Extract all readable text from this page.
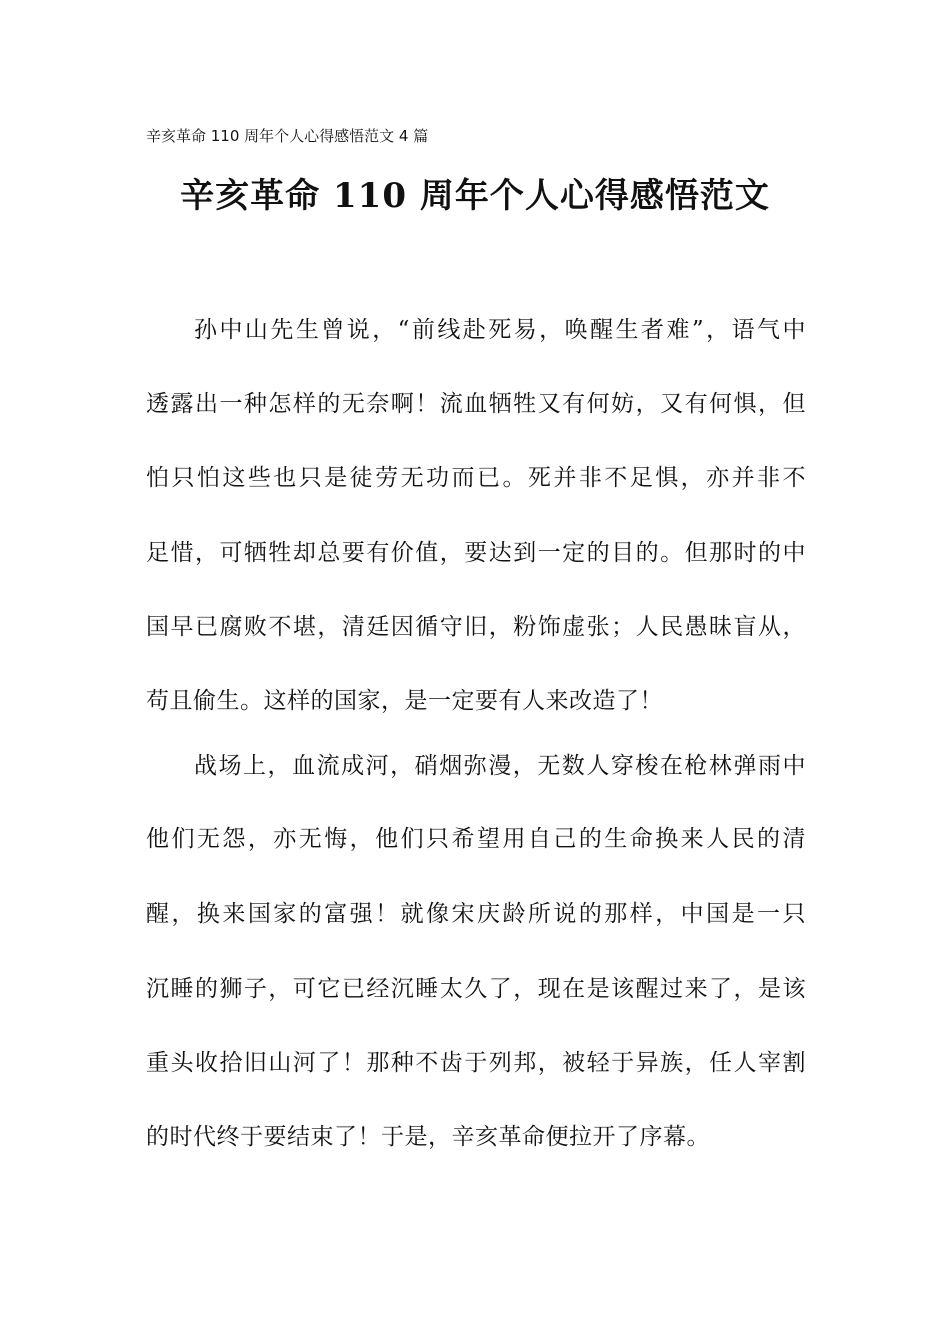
辛亥革命 110 周年个人心得感悟范文 4 篇
辛亥革命 110 周年个人心得感悟范文
孙中山先生曾说，“前线赴死易，唤醒生者难”，语气中
透露出一种怎样的无奈啊！流血牺牲又有何妨，又有何惧，但
怕只怕这些也只是徒劳无功而已。死并非不足惧，亦并非不
足惜，可牺牲却总要有价值，要达到一定的目的。但那时的中
国早已腐败不堪，清廷因循守旧，粉饰虚张；人民愚昧盲从，
苟且偷生。这样的国家，是一定要有人来改造了！
战场上，血流成河，硝烟弥漫，无数人穿梭在枪林弹雨中
他们无怨，亦无悔，他们只希望用自己的生命换来人民的清
醒，换来国家的富强！就像宋庆龄所说的那样，中国是一只
沉睡的狮子，可它已经沉睡太久了，现在是该醒过来了，是该
重头收拾旧山河了！那种不齿于列邦，被轻于异族，任人宰割
的时代终于要结束了！于是，辛亥革命便拉开了序幕。
